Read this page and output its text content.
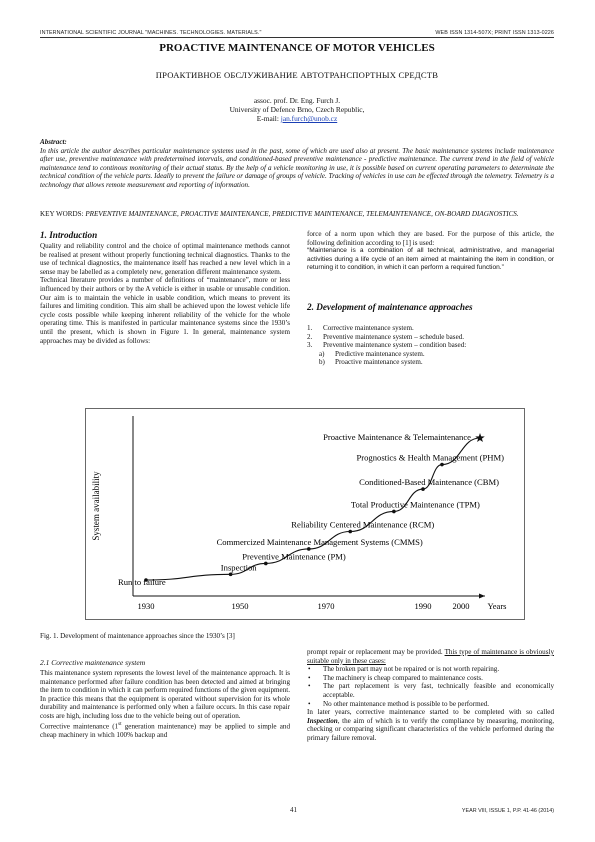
INTERNATIONAL SCIENTIFIC JOURNAL "MACHINES. TECHNOLOGIES. MATERIALS."	WEB ISSN 1314-507X; PRINT ISSN 1313-0226
PROACTIVE MAINTENANCE OF MOTOR VEHICLES
ПРОАКТИВНОЕ ОБСЛУЖИВАНИЕ АВТОТРАНСПОРТНЫХ СРЕДСТВ
assoc. prof. Dr. Eng. Furch J.
University of Defence Brno, Czech Republic,
E-mail: jan.furch@unob.cz
Abstract:
In this article the author describes particular maintenance systems used in the past, some of which are used also at present. The basic maintenance systems include maintenance after use, preventive maintenance with predetermined intervals, and conditioned-based preventive maintenance - predictive maintenance. The current trend in the field of vehicle maintenance tend to continous monitoring of their actual status. By the help of a vehicle monitoring in use, it is possible based on current operating parameters to determinate the technical condition of the vehicle parts. Ideally to prevent the failure or damage of groups of vehicle. Tracking of vehicles in use can be effected through the telemetry. Telemetry is a technology that allows remote measurement and reporting of information.
KEY WORDS: PREVENTIVE MAINTENANCE, PROACTIVE MAINTENANCE, PREDICTIVE MAINTENANCE, TELEMAINTENANCE, ON-BOARD DIAGNOSTICS.
1. Introduction
Quality and reliability control and the choice of optimal maintenance methods cannot be realised at present without properly functioning technical diagnostics. Thanks to the use of technical diagnostics, the maintenance itself has reached a new level which in a sense may be labelled as a completely new, generation different maintenance system.
Technical literature provides a number of definitions of “maintenance”, more or less influenced by their authors or by the A vehicle is either in usable or unusable condition. Our aim is to maintain the vehicle in usable condition, which means to prevent its failures and limiting condition. This aim shall be achieved upon the lowest vehicle life cycle costs possible while keeping inherent reliability of the vehicle for the whole operating time. This is manifested in particular maintenance systems since the 1930’s until the present, which is shown in Figure 1. In general, maintenance system approaches may be divided as follows:
force of a norm upon which they are based. For the purpose of this article, the following definition according to [1] is used:
“Maintenance is a combination of all technical, administrative, and managerial activities during a life cycle of an item aimed at maintaining the item in condition, or returning it to condition, in which it can perform a required function.”
2. Development of maintenance approaches
1. Corrective maintenance system.
2. Preventive maintenance system – schedule based.
3. Preventive maintenance system – condition based:
a) Predictive maintenance system.
b) Proactive maintenance system.
System availability
1930	1950	1970	1990 2000 Years
Run to failure
Inspection
Preventive Maintenance (PM)
Commercized Maintenance Management Systems (CMMS)
Reliability Centered Maintenance (RCM)
Total Productive Maintenance (TPM)
Conditioned-Based Maintenance (CBM)
Prognostics & Health Management (PHM)
Proactive Maintenance & Telemaintenance
Fig. 1. Development of maintenance approaches since the 1930’s [3]
2.1 Corrective maintenance system
This maintenance system represents the lowest level of the maintenance approach. It is maintenance performed after failure condition has been detected and aimed at bringing the item to condition in which it can perform required functions of the given equipment. In practice this means that the equipment is operated without supervision for its whole durability and maintenance is performed only when a failure occurs. In this case repair costs are high, including loss due to the vehicle being out of operation.
Corrective maintenance (1st generation maintenance) may be applied to simple and cheap machinery in which 100% backup and
prompt repair or replacement may be provided. This type of maintenance is obviously suitable only in these cases:
• The broken part may not be repaired or is not worth repairing.
• The machinery is cheap compared to maintenance costs.
• The part replacement is very fast, technically feasible and economically acceptable.
• No other maintenance method is possible to be performed.
In later years, corrective maintenance started to be completed with so called Inspection, the aim of which is to verify the compliance by measuring, monitoring, checking or comparing significant characteristics of the vehicle performed during the primary failure removal.
41	YEAR VIII, ISSUE 1, P.P. 41-46 (2014)
